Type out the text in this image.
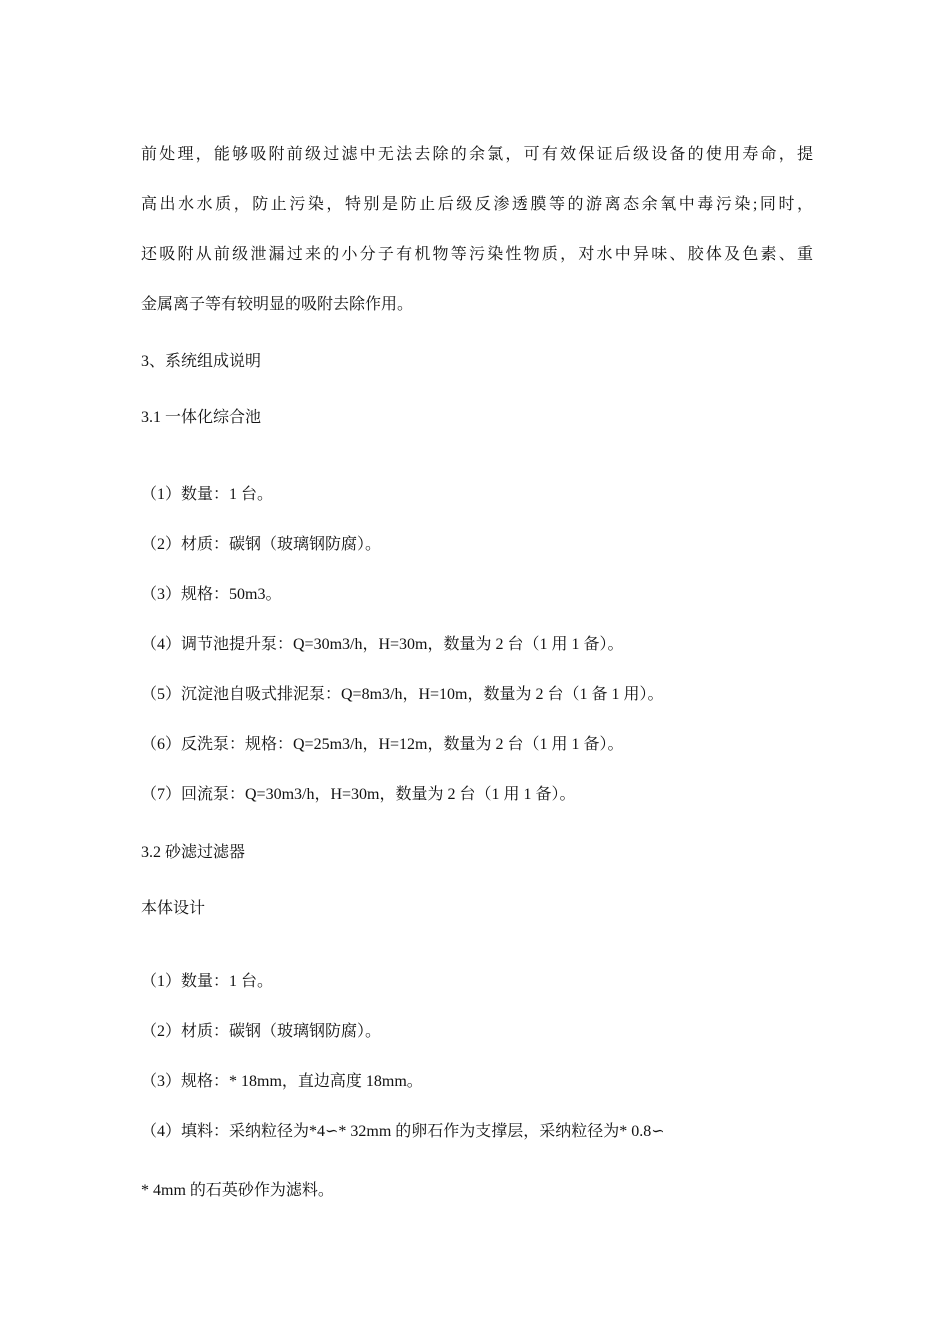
前处理，能够吸附前级过滤中无法去除的余氯，可有效保证后级设备的使用寿命，提
高出水水质，防止污染，特别是防止后级反渗透膜等的游离态余氧中毒污染;同时，
还吸附从前级泄漏过来的小分子有机物等污染性物质，对水中异味、胶体及色素、重
金属离子等有较明显的吸附去除作用。
3、系统组成说明
3.1 一体化综合池
（1）数量：1 台。
（2）材质：碳钢（玻璃钢防腐）。
（3）规格：50m3。
（4）调节池提升泵：Q=30m3/h，H=30m，数量为 2 台（1 用 1 备）。
（5）沉淀池自吸式排泥泵：Q=8m3/h，H=10m，数量为 2 台（1 备 1 用）。
（6）反洗泵：规格：Q=25m3/h，H=12m，数量为 2 台（1 用 1 备）。
（7）回流泵：Q=30m3/h，H=30m，数量为 2 台（1 用 1 备）。
3.2 砂滤过滤器
本体设计
（1）数量：1 台。
（2）材质：碳钢（玻璃钢防腐）。
（3）规格：* 18mm，直边高度 18mm。
（4）填料：采纳粒径为*4∽* 32mm 的卵石作为支撑层，采纳粒径为* 0.8∽
* 4mm 的石英砂作为滤料。
